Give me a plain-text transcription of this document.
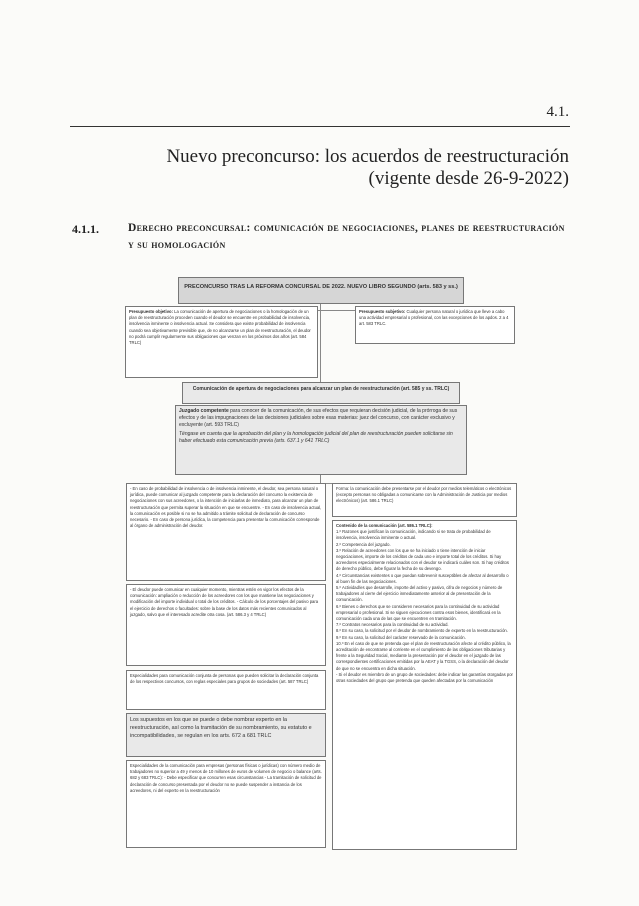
4.1.
Nuevo preconcurso: los acuerdos de reestructuración
(vigente desde 26-9-2022)
4.1.1.	Derecho preconcursal: comunicación de negociaciones, planes de reestructuración y su homologación
PRECONCURSO TRAS LA REFORMA CONCURSAL DE 2022. NUEVO LIBRO SEGUNDO (arts. 583 y ss.)
Presupuesto objetivo: La comunicación de apertura de negociaciones o la homologación de un plan de reestructuración proceden cuando el deudor se encuentre en probabilidad de insolvencia, insolvencia inminente o insolvencia actual. Se considera que existe probabilidad de insolvencia cuando sea objetivamente previsible que, de no alcanzarse un plan de reestructuración, el deudor no podrá cumplir regularmente sus obligaciones que venzan en los próximos dos años (art. 584 TRLC)
Presupuesto subjetivo: Cualquier persona natural o jurídica que lleve a cabo una actividad empresarial o profesional, con las excepciones de los apdos. 2 a 4 art. 583 TRLC.
Comunicación de apertura de negociaciones para alcanzar un plan de reestructuración (art. 585 y ss. TRLC)
Juzgado competente para conocer de la comunicación, de sus efectos que requieran decisión judicial, de la prórroga de sus efectos y de las impugnaciones de las decisiones judiciales sobre esas materias: juez del concurso, con carácter exclusivo y excluyente (art. 593 TRLC)
Téngase en cuenta que la aprobación del plan y la homologación judicial del plan de reestructuración pueden solicitarse sin haber efectuado esta comunicación previa (arts. 637.1 y 641 TRLC)
- En caso de probabilidad de insolvencia o de insolvencia inminente, el deudor, sea persona natural o jurídica, puede comunicar al juzgado competente para la declaración del concurso la existencia de negociaciones con sus acreedores, o la intención de iniciarlas de inmediato, para alcanzar un plan de reestructuración que permita superar la situación en que se encuentre. - En caso de insolvencia actual, la comunicación es posible si no se ha admitido a trámite solicitud de declaración de concurso necesario. - En caso de persona jurídica, la competencia para presentar la comunicación corresponde al órgano de administración del deudor.
- El deudor puede comunicar en cualquier momento, mientras estén en vigor los efectos de la comunicación: ampliación o reducción de los acreedores con los que mantiene las negociaciones y modificación del importe individual o total de los créditos. - Cálculo de los porcentajes del pasivo para el ejercicio de derechos o facultades: sobre la base de los datos más recientes comunicados al juzgado, salvo que el interesado acredite otra cosa. (art. 586.3 y 4 TRLC)
Especialidades para comunicación conjunta de personas que pueden solicitar la declaración conjunta de los respectivos concursos, con reglas especiales para grupos de sociedades (art. 587 TRLC)
Los supuestos en los que se puede o debe nombrar experto en la reestructuración, así como la tramitación de su nombramiento, su estatuto e incompatibilidades, se regulan en los arts. 672 a 681 TRLC
Especialidades de la comunicación para empresas (personas físicas o jurídicas) con número medio de trabajadores no superior a 49 y menos de 10 millones de euros de volumen de negocio o balance (arts. 682 y 683 TRLC): - Debe especificar que concurren esas circunstancias - La tramitación de solicitud de declaración de concurso presentada por el deudor no se puede suspender a instancia de los acreedores, ni del experto en la reestructuración
Forma: la comunicación debe presentarse por el deudor por medios telemáticos o electrónicos (excepto personas no obligadas a comunicarse con la Administración de Justicia por medios electrónicos) (art. 586.1 TRLC)
Contenido de la comunicación (art. 586.1 TRLC):
1.º Razones que justifican la comunicación, indicando si se trata de probabilidad de insolvencia, insolvencia inminente o actual.
2.º Competencia del juzgado.
3.º Relación de acreedores con los que se ha iniciado o tiene intención de iniciar negociaciones, importe de los créditos de cada uno e importe total de los créditos. Si hay acreedores especialmente relacionados con el deudor se indicará cuáles son. Si hay créditos de derecho público, debe figurar la fecha de su devengo.
4.º Circunstancias existentes o que puedan sobrevenir susceptibles de afectar al desarrollo o al buen fin de las negociaciones.
5.º Actividad/es que desarrolle, importe del activo y pasivo, cifra de negocios y número de trabajadores al cierre del ejercicio inmediatamente anterior al de presentación de la comunicación.
6.º Bienes o derechos que se consideren necesarios para la continuidad de su actividad empresarial o profesional. Si se siguen ejecuciones contra esos bienes, identificará en la comunicación cada una de las que se encuentren en tramitación.
7.º Contratos necesarios para la continuidad de su actividad.
8.º En su caso, la solicitud por el deudor de nombramiento de experto en la reestructuración.
9.º En su caso, la solicitud del carácter reservado de la comunicación.
10.º En el caso de que se pretenda que el plan de reestructuración afecte al crédito público, la acreditación de encontrarse al corriente en el cumplimiento de las obligaciones tributarias y frente a la Seguridad Social, mediante la presentación por el deudor en el juzgado de las correspondientes certificaciones emitidas por la AEAT y la TGSS, o la declaración del deudor de que no se encuentra en dicha situación.
- Si el deudor es miembro de un grupo de sociedades: debe indicar las garantías otorgadas por otras sociedades del grupo que pretenda que queden afectadas por la comunicación
